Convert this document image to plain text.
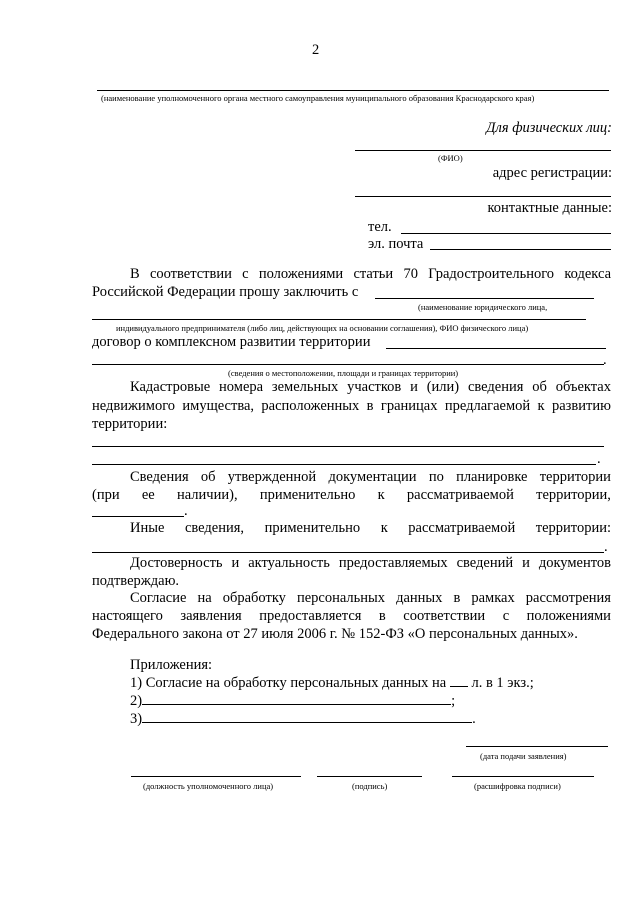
2
(наименование уполномоченного органа местного самоуправления муниципального образования Краснодарского края)
Для физических лиц:
(ФИО)
адрес регистрации:
контактные данные:
тел.
эл. почта
В соответствии с положениями статьи 70 Градостроительного кодекса
Российской Федерации прошу заключить с
(наименование юридического лица,
индивидуального предпринимателя (либо лиц, действующих на основании соглашения), ФИО физического лица)
договор о комплексном развитии территории
.
(сведения о местоположении, площади и границах территории)
Кадастровые номера земельных участков и (или) сведения об объектах
недвижимого имущества, расположенных в границах предлагаемой к развитию
территории:
.
Сведения об утвержденной документации по планировке территории
(при ее наличии), применительно к рассматриваемой территории,
.
Иные сведения, применительно к рассматриваемой территории:
.
Достоверность и актуальность предоставляемых сведений и документов
подтверждаю.
Согласие на обработку персональных данных в рамках рассмотрения
настоящего заявления предоставляется в соответствии с положениями
Федерального закона от 27 июля 2006 г. № 152-ФЗ «О персональных данных».
Приложения:
1) Согласие на обработку персональных данных на л. в 1 экз.;
2)	;
3)	.
(дата подачи заявления)
(должность уполномоченного лица)	(подпись)	(расшифровка подписи)
